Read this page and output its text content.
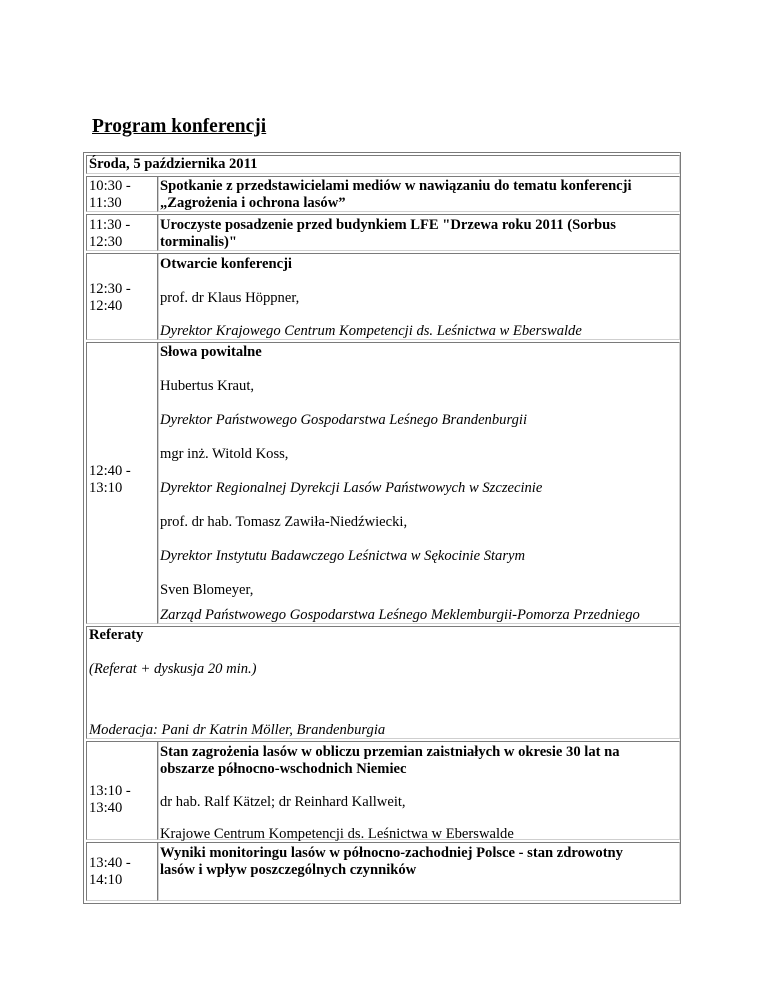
Program konferencji
Środa, 5 października 2011
10:30 - 11:30
Spotkanie z przedstawicielami mediów w nawiązaniu do tematu konferencji „Zagrożenia i ochrona lasów”
11:30 - 12:30
Uroczyste posadzenie przed budynkiem LFE "Drzewa roku 2011 (Sorbus torminalis)"
12:30 - 12:40
Otwarcie konferencji
prof. dr Klaus Höppner,
Dyrektor Krajowego Centrum Kompetencji ds. Leśnictwa w Eberswalde
12:40 - 13:10
Słowa powitalne
Hubertus Kraut,
Dyrektor Państwowego Gospodarstwa Leśnego Brandenburgii
mgr inż. Witold Koss,
Dyrektor Regionalnej Dyrekcji Lasów Państwowych w Szczecinie
prof. dr hab. Tomasz Zawiła-Niedźwiecki,
Dyrektor Instytutu Badawczego Leśnictwa w Sękocinie Starym
Sven Blomeyer,
Zarząd Państwowego Gospodarstwa Leśnego Meklemburgii-Pomorza Przedniego
Referaty
(Referat + dyskusja 20 min.)
Moderacja: Pani dr Katrin Möller, Brandenburgia
13:10 - 13:40
Stan zagrożenia lasów w obliczu przemian zaistniałych w okresie 30 lat na obszarze północno-wschodnich Niemiec
dr hab. Ralf Kätzel; dr Reinhard Kallweit,
Krajowe Centrum Kompetencji ds. Leśnictwa w Eberswalde
13:40 - 14:10
Wyniki monitoringu lasów w północno-zachodniej Polsce - stan zdrowotny lasów i wpływ poszczególnych czynników
